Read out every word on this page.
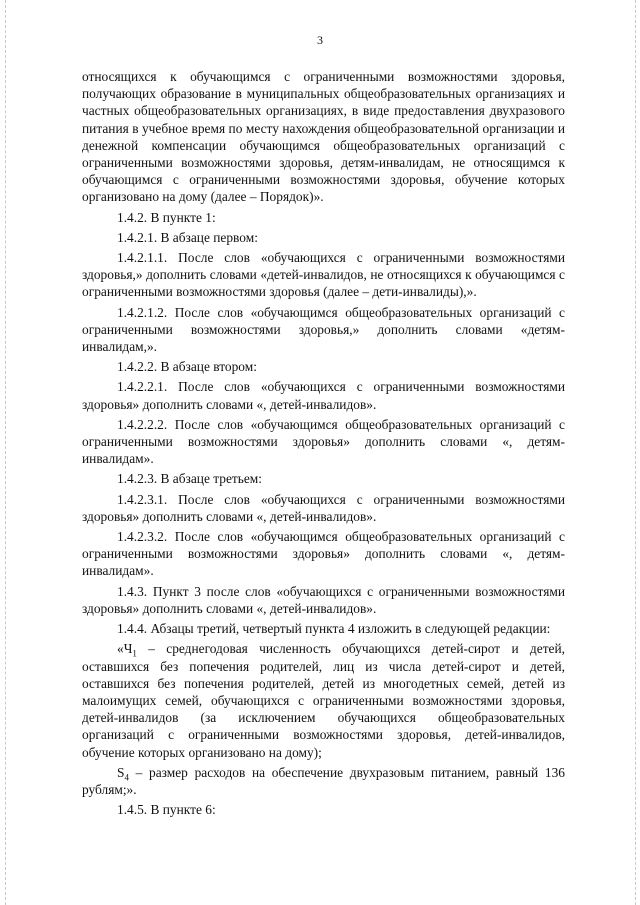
3

относящихся к обучающимся с ограниченными возможностями здоровья, получающих образование в муниципальных общеобразовательных организациях и частных общеобразовательных организациях, в виде предоставления двухразового питания в учебное время по месту нахождения общеобразовательной организации и денежной компенсации обучающимся общеобразовательных организаций с ограниченными возможностями здоровья, детям-инвалидам, не относящимся к обучающимся с ограниченными возможностями здоровья, обучение которых организовано на дому (далее – Порядок)».

1.4.2. В пункте 1:

1.4.2.1. В абзаце первом:

1.4.2.1.1. После слов «обучающихся с ограниченными возможностями здоровья,» дополнить словами «детей-инвалидов, не относящихся к обучающимся с ограниченными возможностями здоровья (далее – дети-инвалиды),».

1.4.2.1.2. После слов «обучающимся общеобразовательных организаций с ограниченными возможностями здоровья,» дополнить словами «детям-инвалидам,».

1.4.2.2. В абзаце втором:

1.4.2.2.1. После слов «обучающихся с ограниченными возможностями здоровья» дополнить словами «, детей-инвалидов».

1.4.2.2.2. После слов «обучающимся общеобразовательных организаций с ограниченными возможностями здоровья» дополнить словами «, детям-инвалидам».

1.4.2.3. В абзаце третьем:

1.4.2.3.1. После слов «обучающихся с ограниченными возможностями здоровья» дополнить словами «, детей-инвалидов».

1.4.2.3.2. После слов «обучающимся общеобразовательных организаций с ограниченными возможностями здоровья» дополнить словами «, детям-инвалидам».

1.4.3. Пункт 3 после слов «обучающихся с ограниченными возможностями здоровья» дополнить словами «, детей-инвалидов».

1.4.4. Абзацы третий, четвертый пункта 4 изложить в следующей редакции:

«$Ч_1$ – среднегодовая численность обучающихся детей-сирот и детей, оставшихся без попечения родителей, лиц из числа детей-сирот и детей, оставшихся без попечения родителей, детей из многодетных семей, детей из малоимущих семей, обучающихся с ограниченными возможностями здоровья, детей-инвалидов (за исключением обучающихся общеобразовательных организаций с ограниченными возможностями здоровья, детей-инвалидов, обучение которых организовано на дому);

$S_4$ – размер расходов на обеспечение двухразовым питанием, равный 136 рублям;».

1.4.5. В пункте 6:
